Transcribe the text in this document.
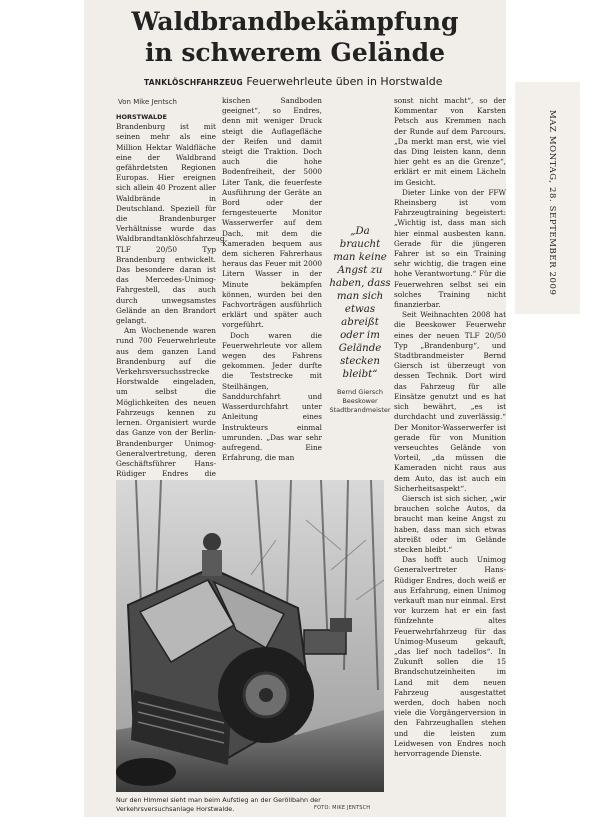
Waldbrandbekämpfung
in schwerem Gelände
TANKLÖSCHFAHRZEUG Feuerwehrleute üben in Horstwalde
Von Mike Jentsch

HORSTWALDE Brandenburg ist mit seinen mehr als eine Million Hektar Waldfläche eine der Waldbrand gefährdetsten Regionen Europas. Hier ereignen sich allein 40 Prozent aller Waldbrände in Deutschland. Speziell für die Brandenburger Verhältnisse wurde das Waldbrandtanklöschfahrzeug TLF 20/50 Typ Brandenburg entwickelt. Das besondere daran ist das Mercedes-Unimog-Fahrgestell, das auch durch unwegsamstes Gelände an den Brandort gelangt.

Am Wochenende waren rund 700 Feuerwehrleute aus dem ganzen Land Brandenburg auf die Verkehrsversuchsstrecke Horstwalde eingeladen, um selbst die Möglichkeiten des neuen Fahrzeugs kennen zu lernen. Organisiert wurde das Ganze von der Berlin-Brandenburger Unimog-Generalvertretung, deren Geschäftsführer Hans-Rüdiger Endres die

kischen Sandboden geeignet“, so Endres, denn mit weniger Druck steigt die Auflagefläche der Reifen und damit steigt die Traktion. Doch auch die hohe Bodenfreiheit, der 5000 Liter Tank, die feuerfeste Ausführung der Geräte an Bord oder der ferngesteuerte Monitor Wasserwerfer auf dem Dach, mit dem die Kameraden bequem aus dem sicheren Fahrerhaus heraus das Feuer mit 2000 Litern Wasser in der Minute bekämpfen können, wurden bei den Fachvorträgen ausführlich erklärt und später auch vorgeführt.

Doch waren die Feuerwehrleute vor allem wegen des Fahrens gekommen. Jeder durfte die Teststrecke mit Steilhängen, Sanddurchfahrt und Wasserdurchfahrt unter Anleitung eines Instrukteurs einmal umrunden. „Das war sehr aufregend. Eine Erfahrung, die man

„Da braucht man keine Angst zu haben, dass man sich etwas abreißt oder im Gelände stecken bleibt“
Bernd Giersch
Beeskower
Stadtbrandmeister

sonst nicht macht“, so der Kommentar von Karsten Petsch aus Kremmen nach der Runde auf dem Parcours. „Da merkt man erst, wie viel das Ding leisten kann, denn hier geht es an die Grenze“, erklärt er mit einem Lächeln im Gesicht.

Dieter Linke von der FFW Rheinsberg ist vom Fahrzeugtraining begeistert: „Wichtig ist, dass man sich hier einmal ausbesten kann. Gerade für die jüngeren Fahrer ist so ein Training sehr wichtig, die tragen eine hohe Verantwortung.“ Für die Feuerwehren selbst sei ein solches Training nicht finanzierbar.

Seit Weihnachten 2008 hat die Beeskower Feuerwehr eines der neuen TLF 20/50 Typ „Brandenburg“, und Stadtbrandmeister Bernd Giersch ist überzeugt von dessen Technik. Dort wird das Fahrzeug für alle Einsätze genutzt und es hat sich bewährt, „es ist durchdacht und zuverlässig.“ Der Monitor-Wasserwerfer ist gerade für von Munition verseuchtes Gelände von Vorteil, „da müssen die Kameraden nicht raus aus dem Auto, das ist auch ein Sicherheitsaspekt“.

Giersch ist sich sicher, „wir brauchen solche Autos, da braucht man keine Angst zu haben, dass man sich etwas abreißt oder im Gelände stecken bleibt.“

Das hofft auch Unimog Generalvertreter Hans-Rüdiger Endres, doch weiß er aus Erfahrung, einen Unimog verkauft man nur einmal. Erst vor kurzem hat er ein fast fünfzehnte altes Feuerwehrfahrzeug für das Unimog-Museum gekauft, „das lief noch tadellos“. In Zukunft sollen die 15 Brandschutzeinheiten im Land mit dem neuen Fahrzeug ausgestattet werden, doch haben noch viele die Vorgängerversion in den Fahrzeughallen stehen und die leisten zum Leidwesen von Endres noch hervorragende Dienste.

Nur den Himmel sieht man beim Aufstieg an der Geröllbahn der Verkehrsversuchsanlage Horstwalde.	FOTO: MIKE JENTSCH
MAZ MONTAG, 28. SEPTEMBER 2009
